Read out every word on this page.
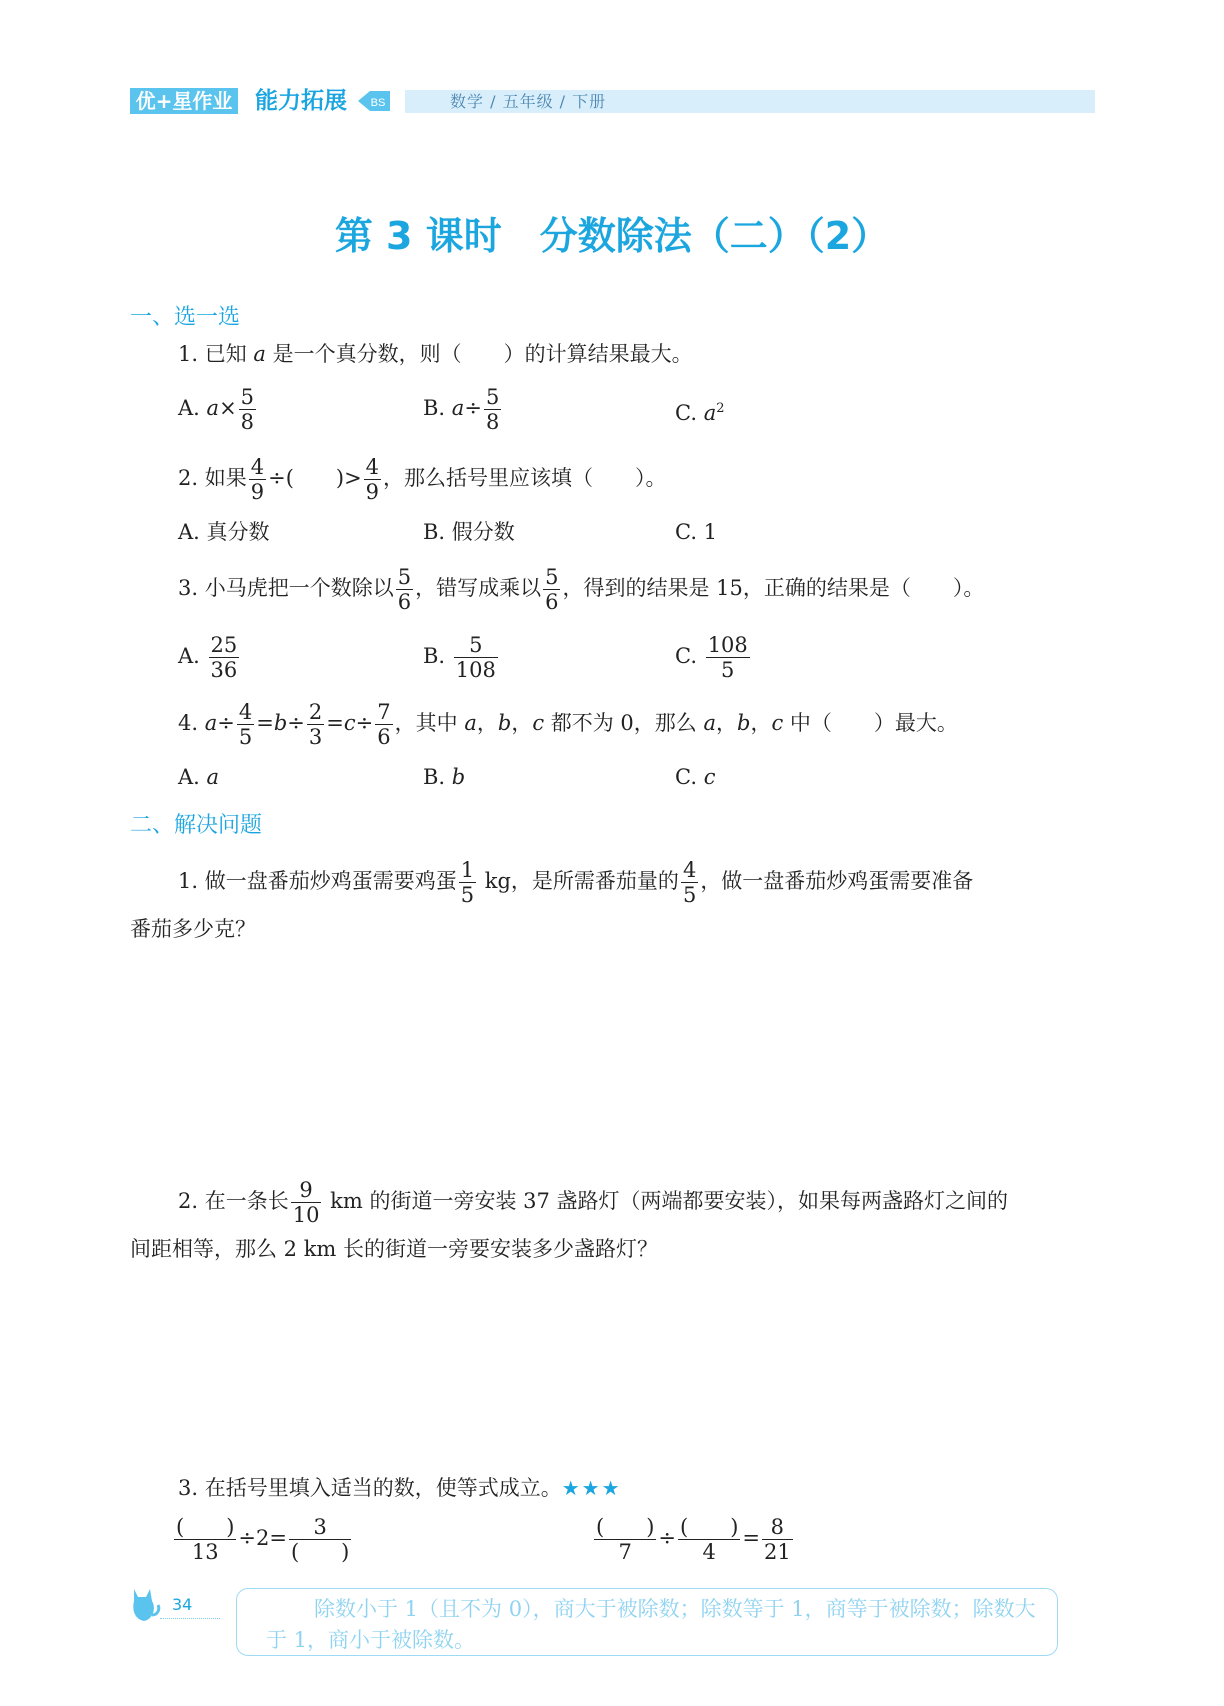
优+星作业 能力拓展 BS	数学 / 五年级 / 下册
第 3 课时　分数除法（二）（2）
一、选一选
1. 已知 a 是一个真分数，则（　　）的计算结果最大。
A. $a\times \frac{5}{8}$	B. $a\div \frac{5}{8}$	C. $a^2$
2. 如果 $\frac{4}{9}$ ÷(　　)> $\frac{4}{9}$ ，那么括号里应该填（　　）。
A. 真分数	B. 假分数	C. 1
3. 小马虎把一个数除以 $\frac{5}{6}$ ，错写成乘以 $\frac{5}{6}$ ，得到的结果是 15，正确的结果是（　　）。
A. $\frac{25}{36}$	B. $\frac{5}{108}$	C. $\frac{108}{5}$
4. $a\div \frac{4}{5} =b\div \frac{2}{3} =c\div \frac{7}{6}$ ，其中 a，b，c 都不为 0，那么 a，b，c 中（　　）最大。
A. a	B. b	C. c
二、解决问题
1. 做一盘番茄炒鸡蛋需要鸡蛋 $\frac{1}{5}$ kg，是所需番茄量的 $\frac{4}{5}$ ，做一盘番茄炒鸡蛋需要准备
番茄多少克？
2. 在一条长 $\frac{9}{10}$ km 的街道一旁安装 37 盏路灯（两端都要安装），如果每两盏路灯之间的
间距相等，那么 2 km 长的街道一旁要安装多少盏路灯？
3. 在括号里填入适当的数，使等式成立。★★★
$\frac{( )}{13} \div 2= \frac{3}{( )}$	$\frac{( )}{7} \div \frac{( )}{4} = \frac{8}{21}$
34	除数小于 1（且不为 0），商大于被除数；除数等于 1，商等于被除数；除数大于 1，商小于被除数。
